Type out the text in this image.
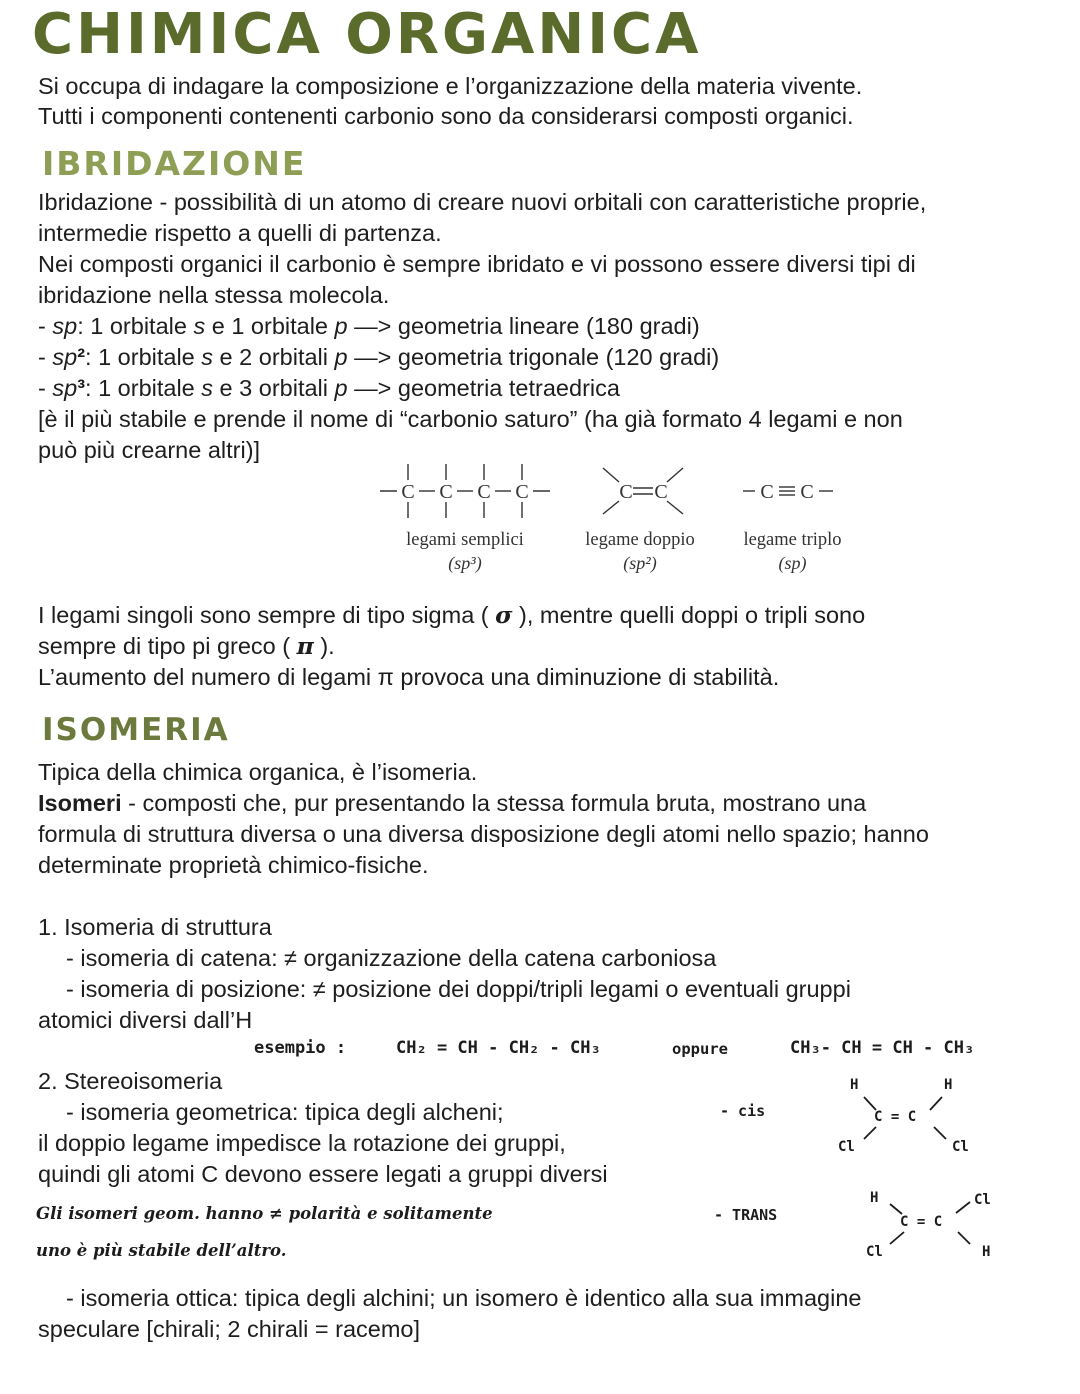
CHIMICA ORGANICA
Si occupa di indagare la composizione e l’organizzazione della materia vivente.
Tutti i componenti contenenti carbonio sono da considerarsi composti organici.
IBRIDAZIONE
Ibridazione - possibilità di un atomo di creare nuovi orbitali con caratteristiche proprie,
intermedie rispetto a quelli di partenza.
Nei composti organici il carbonio è sempre ibridato e vi possono essere diversi tipi di
ibridazione nella stessa molecola.
- sp: 1 orbitale s e 1 orbitale p —> geometria lineare (180 gradi)
- sp²: 1 orbitale s e 2 orbitali p —> geometria trigonale (120 gradi)
- sp³: 1 orbitale s e 3 orbitali p —> geometria tetraedrica
[è il più stabile e prende il nome di “carbonio saturo” (ha già formato 4 legami e non
può più crearne altri)]
C C C C	C C	C C
legami semplici
(sp³)
legame doppio
(sp²)
legame triplo
(sp)
I legami singoli sono sempre di tipo sigma ( σ ), mentre quelli doppi o tripli sono
sempre di tipo pi greco ( π ).
L’aumento del numero di legami π provoca una diminuzione di stabilità.
ISOMERIA
Tipica della chimica organica, è l’isomeria.
Isomeri - composti che, pur presentando la stessa formula bruta, mostrano una
formula di struttura diversa o una diversa disposizione degli atomi nello spazio; hanno
determinate proprietà chimico-fisiche.
1. Isomeria di struttura
- isomeria di catena: ≠ organizzazione della catena carboniosa
- isomeria di posizione: ≠ posizione dei doppi/tripli legami o eventuali gruppi
atomici diversi dall’H
esempio :	CH₂ = CH - CH₂ - CH₃	oppure	CH₃- CH = CH - CH₃
2. Stereoisomeria
- isomeria geometrica: tipica degli alcheni;
il doppio legame impedisce la rotazione dei gruppi,
quindi gli atomi C devono essere legati a gruppi diversi
Gli isomeri geom. hanno ≠ polarità e solitamente
uno è più stabile dell’altro.
- cis
- TRANS
H	H
C = C
Cl	Cl
H	Cl
C = C
Cl	H
- isomeria ottica: tipica degli alchini; un isomero è identico alla sua immagine
speculare [chirali; 2 chirali = racemo]
